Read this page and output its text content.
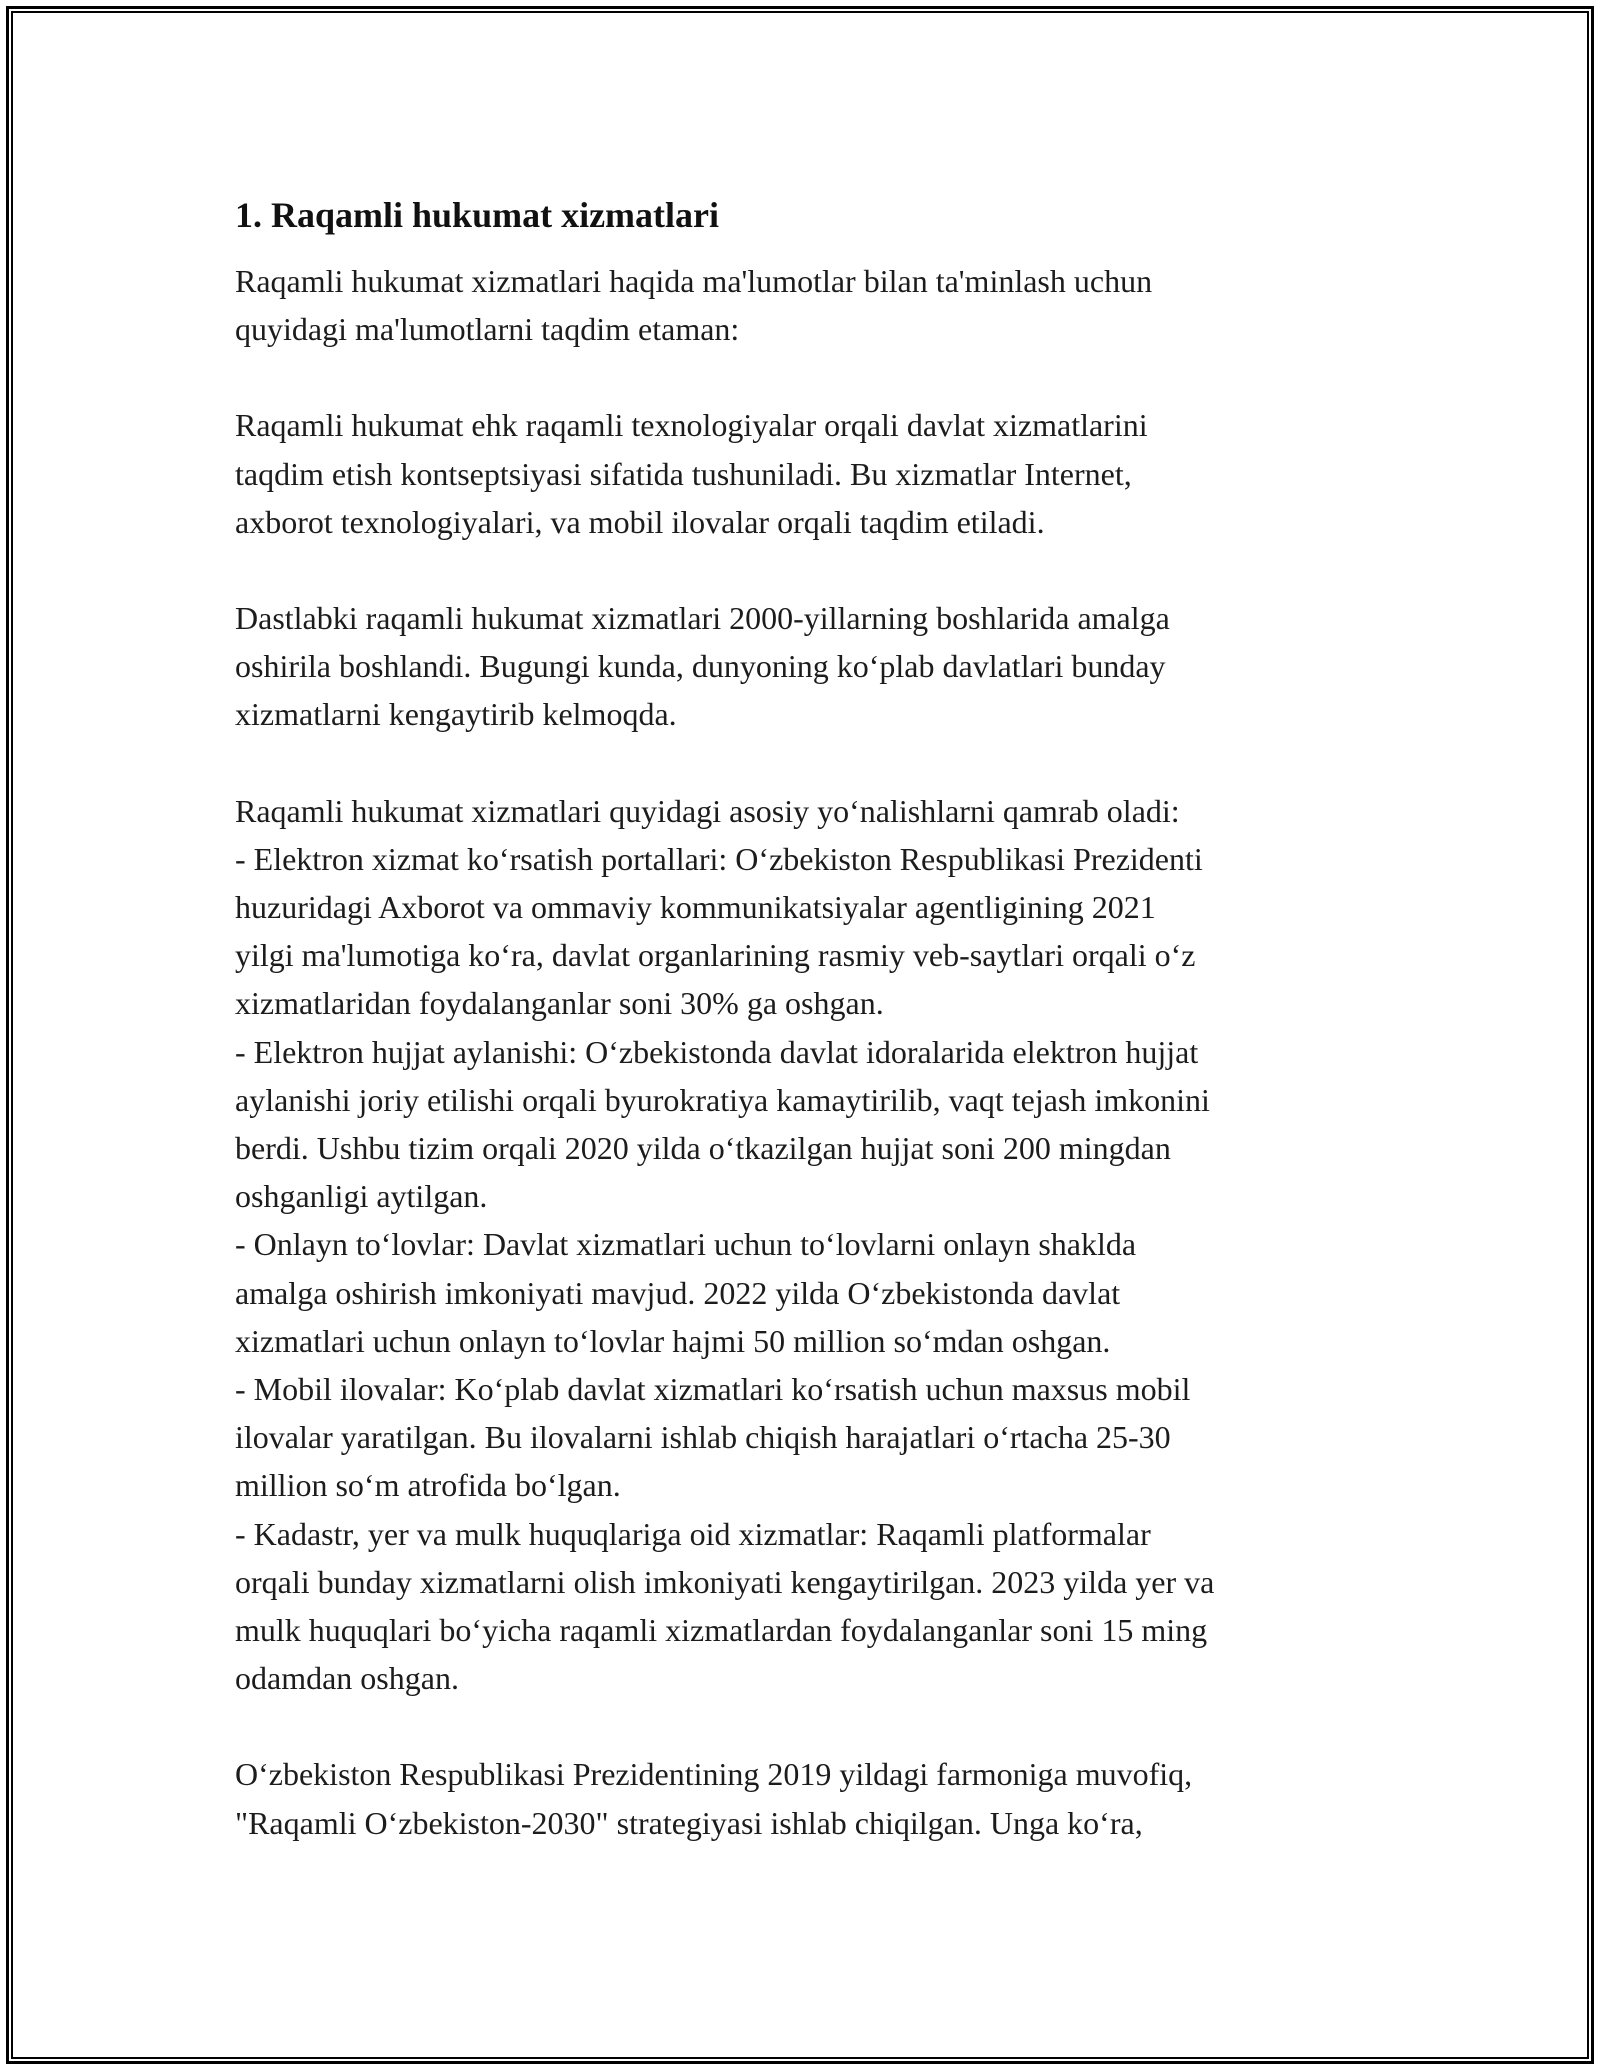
1. Raqamli hukumat xizmatlari

Raqamli hukumat xizmatlari haqida ma'lumotlar bilan ta'minlash uchun
quyidagi ma'lumotlarni taqdim etaman:

Raqamli hukumat ehk raqamli texnologiyalar orqali davlat xizmatlarini
taqdim etish kontseptsiyasi sifatida tushuniladi. Bu xizmatlar Internet,
axborot texnologiyalari, va mobil ilovalar orqali taqdim etiladi.

Dastlabki raqamli hukumat xizmatlari 2000-yillarning boshlarida amalga
oshirila boshlandi. Bugungi kunda, dunyoning koʻplab davlatlari bunday
xizmatlarni kengaytirib kelmoqda.

Raqamli hukumat xizmatlari quyidagi asosiy yoʻnalishlarni qamrab oladi:
- Elektron xizmat koʻrsatish portallari: Oʻzbekiston Respublikasi Prezidenti
huzuridagi Axborot va ommaviy kommunikatsiyalar agentligining 2021
yilgi ma'lumotiga koʻra, davlat organlarining rasmiy veb-saytlari orqali oʻz
xizmatlaridan foydalanganlar soni 30% ga oshgan.
- Elektron hujjat aylanishi: Oʻzbekistonda davlat idoralarida elektron hujjat
aylanishi joriy etilishi orqali byurokratiya kamaytirilib, vaqt tejash imkonini
berdi. Ushbu tizim orqali 2020 yilda oʻtkazilgan hujjat soni 200 mingdan
oshganligi aytilgan.
- Onlayn toʻlovlar: Davlat xizmatlari uchun toʻlovlarni onlayn shakldа
amalga oshirish imkoniyati mavjud. 2022 yilda Oʻzbekistonda davlat
xizmatlari uchun onlayn toʻlovlar hajmi 50 million soʻmdan oshgan.
- Mobil ilovalar: Koʻplab davlat xizmatlari koʻrsatish uchun maxsus mobil
ilovalar yaratilgan. Bu ilovalarni ishlab chiqish harajatlari oʻrtacha 25-30
million soʻm atrofida boʻlgan.
- Kadastr, yer va mulk huquqlariga oid xizmatlar: Raqamli platformalar
orqali bunday xizmatlarni olish imkoniyati kengaytirilgan. 2023 yilda yer va
mulk huquqlari boʻyicha raqamli xizmatlardan foydalanganlar soni 15 ming
odamdan oshgan.

Oʻzbekiston Respublikasi Prezidentining 2019 yildagi farmoniga muvofiq,
"Raqamli Oʻzbekiston-2030" strategiyasi ishlab chiqilgan. Unga koʻra,
